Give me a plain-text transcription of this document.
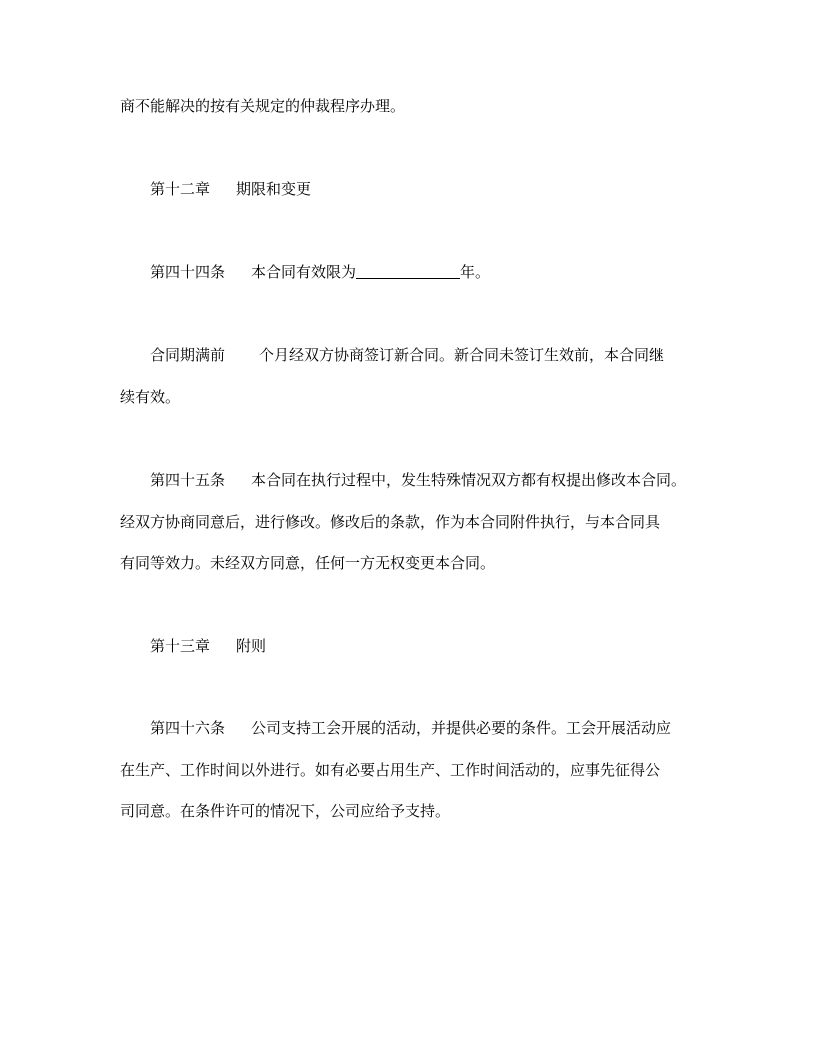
商不能解决的按有关规定的仲裁程序办理。
第十二章 期限和变更
第四十四条 本合同有效限为	年。
合同期满前 个月经双方协商签订新合同。新合同未签订生效前，本合同继
续有效。
第四十五条 本合同在执行过程中，发生特殊情况双方都有权提出修改本合同。
经双方协商同意后，进行修改。修改后的条款，作为本合同附件执行，与本合同具
有同等效力。未经双方同意，任何一方无权变更本合同。
第十三章 附则
第四十六条 公司支持工会开展的活动，并提供必要的条件。工会开展活动应
在生产、工作时间以外进行。如有必要占用生产、工作时间活动的，应事先征得公
司同意。在条件许可的情况下，公司应给予支持。
